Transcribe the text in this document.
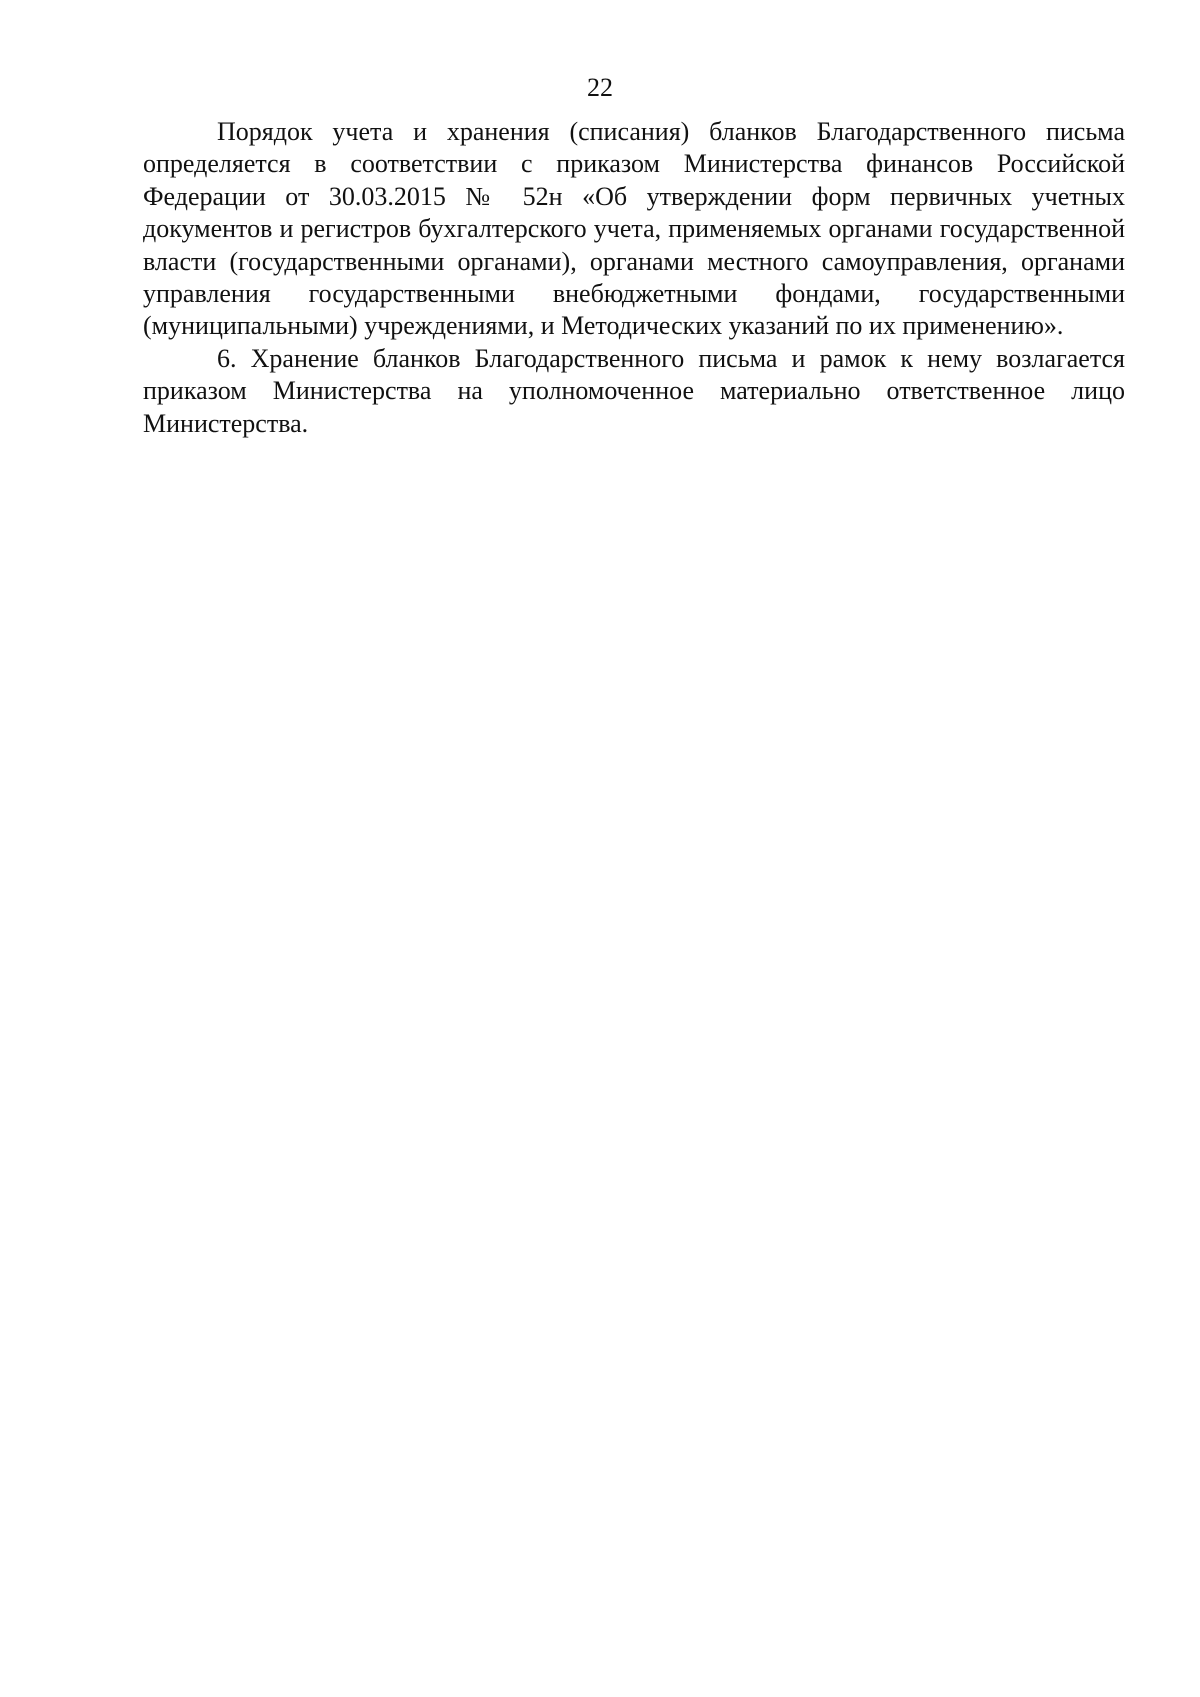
22

Порядок учета и хранения (списания) бланков Благодарственного письма определяется в соответствии с приказом Министерства финансов Российской Федерации от 30.03.2015 № 52н «Об утверждении форм первичных учетных документов и регистров бухгалтерского учета, применяемых органами государственной власти (государственными органами), органами местного самоуправления, органами управления государственными внебюджетными фондами, государственными (муниципальными) учреждениями, и Методических указаний по их применению».

6. Хранение бланков Благодарственного письма и рамок к нему возлагается приказом Министерства на уполномоченное материально ответственное лицо Министерства.
